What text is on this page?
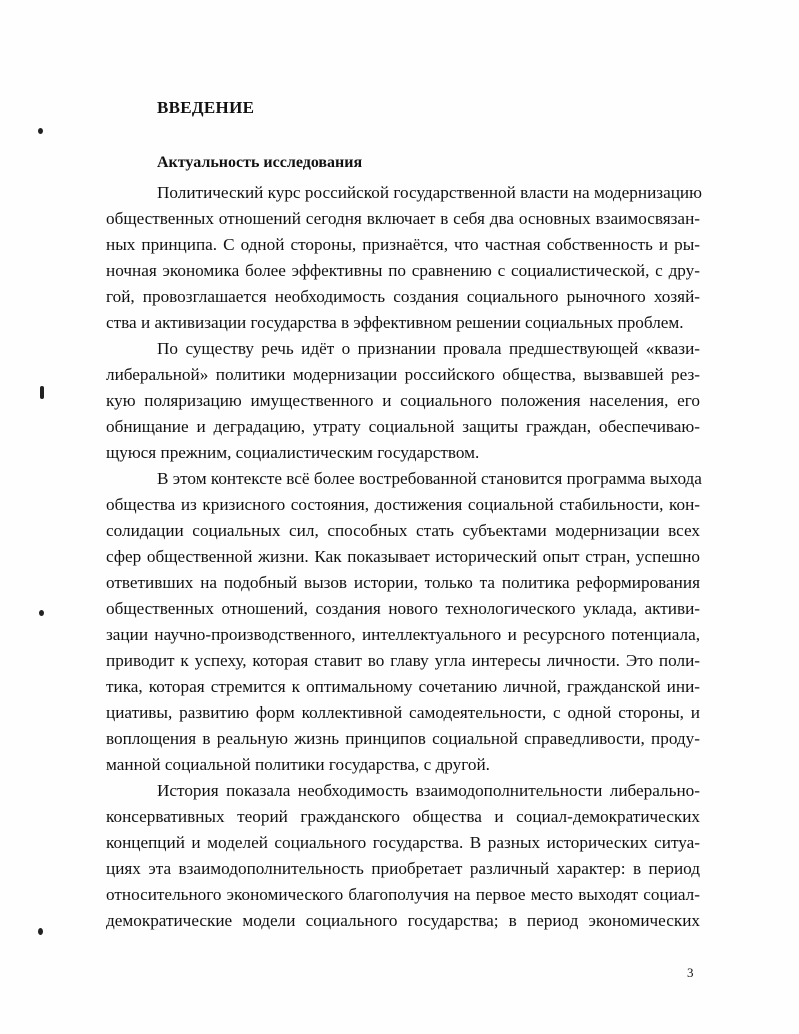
ВВЕДЕНИЕ
Актуальность исследования
Политический курс российской государственной власти на модернизацию
общественных отношений сегодня включает в себя два основных взаимосвязан-
ных принципа. С одной стороны, признаётся, что частная собственность и ры-
ночная экономика более эффективны по сравнению с социалистической, с дру-
гой, провозглашается необходимость создания социального рыночного хозяй-
ства и активизации государства в эффективном решении социальных проблем.
По существу речь идёт о признании провала предшествующей «квази-
либеральной» политики модернизации российского общества, вызвавшей рез-
кую поляризацию имущественного и социального положения населения, его
обнищание и деградацию, утрату социальной защиты граждан, обеспечиваю-
щуюся прежним, социалистическим государством.
В этом контексте всё более востребованной становится программа выхода
общества из кризисного состояния, достижения социальной стабильности, кон-
солидации социальных сил, способных стать субъектами модернизации всех
сфер общественной жизни. Как показывает исторический опыт стран, успешно
ответивших на подобный вызов истории, только та политика реформирования
общественных отношений, создания нового технологического уклада, активи-
зации научно-производственного, интеллектуального и ресурсного потенциала,
приводит к успеху, которая ставит во главу угла интересы личности. Это поли-
тика, которая стремится к оптимальному сочетанию личной, гражданской ини-
циативы, развитию форм коллективной самодеятельности, с одной стороны, и
воплощения в реальную жизнь принципов социальной справедливости, проду-
манной социальной политики государства, с другой.
История показала необходимость взаимодополнительности либерально-
консервативных теорий гражданского общества и социал-демократических
концепций и моделей социального государства. В разных исторических ситуа-
циях эта взаимодополнительность приобретает различный характер: в период
относительного экономического благополучия на первое место выходят социал-
демократические модели социального государства; в период экономических
3
